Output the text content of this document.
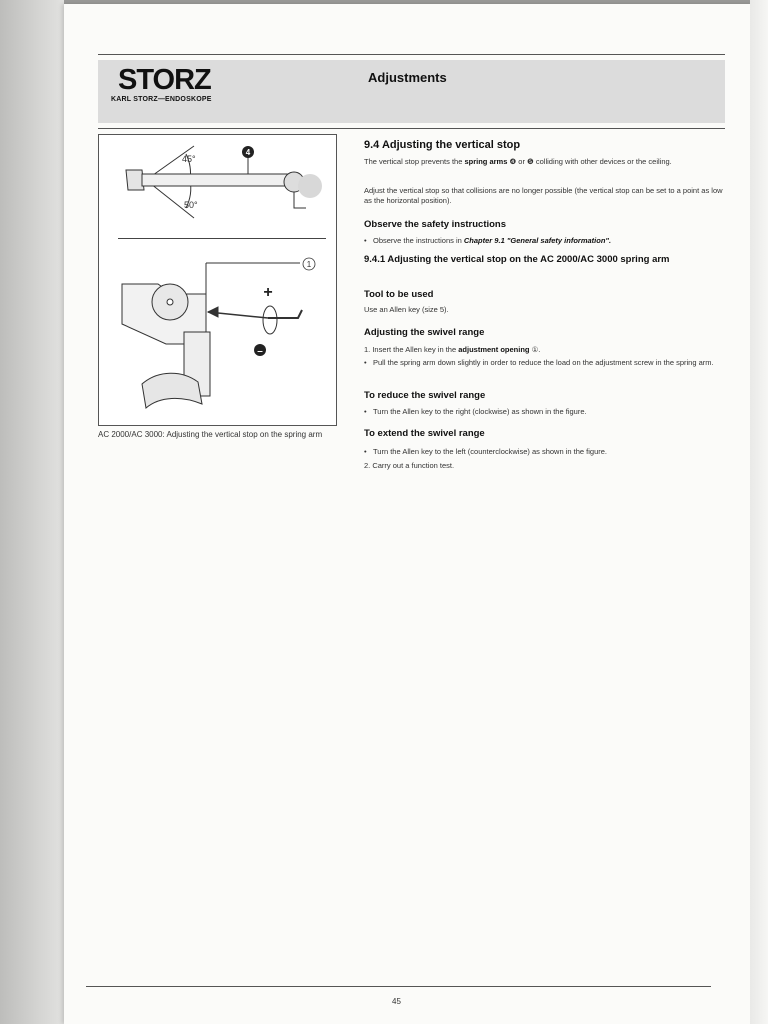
STORZ
KARL STORZ—ENDOSKOPE
Adjustments
4
45°
50°
1
+
–
AC 2000/AC 3000: Adjusting the vertical stop on the spring arm
9.4 Adjusting the vertical stop
The vertical stop prevents the spring arms ❹ or ❺ colliding with other devices or the ceiling.
Adjust the vertical stop so that collisions are no longer possible (the vertical stop can be set to a point as low as the horizontal position).
Observe the safety instructions
• Observe the instructions in Chapter 9.1 "General safety information".
9.4.1 Adjusting the vertical stop on the AC 2000/AC 3000 spring arm
Tool to be used
Use an Allen key (size 5).
Adjusting the swivel range
1. Insert the Allen key in the adjustment opening ①.
• Pull the spring arm down slightly in order to reduce the load on the adjustment screw in the spring arm.
To reduce the swivel range
• Turn the Allen key to the right (clockwise) as shown in the figure.
To extend the swivel range
• Turn the Allen key to the left (counterclockwise) as shown in the figure.
2. Carry out a function test.
45
